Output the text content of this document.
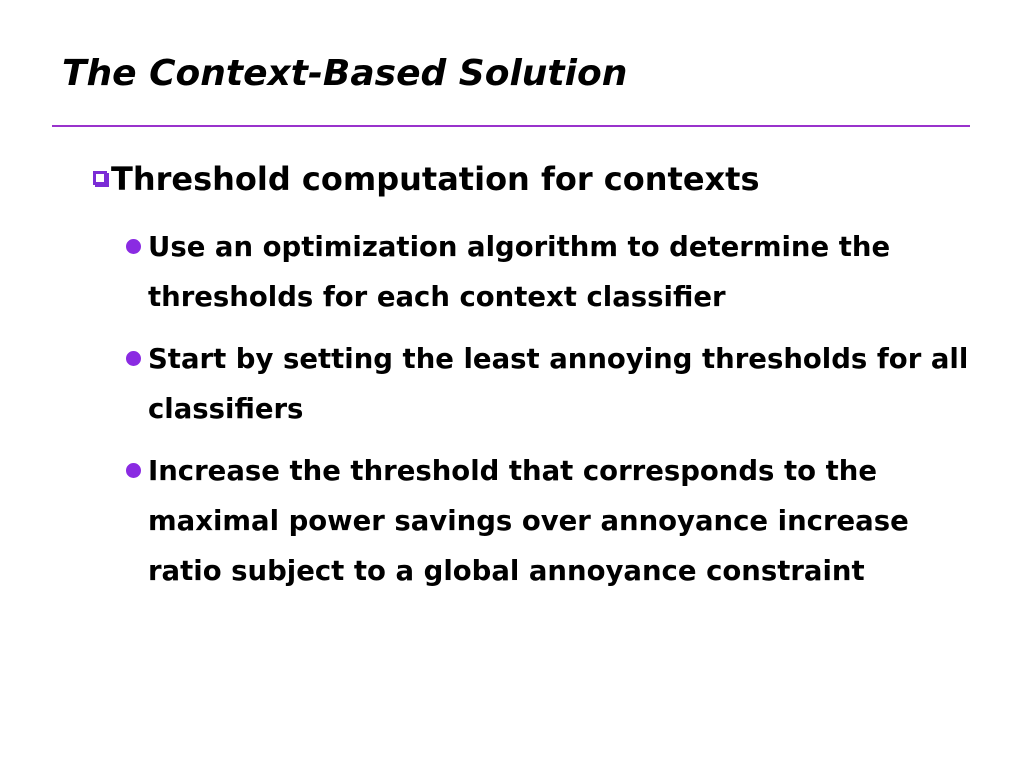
The Context-Based Solution
Threshold computation for contexts
Use an optimization algorithm to determine the thresholds for each context classifier
Start by setting the least annoying thresholds for all classifiers
Increase the threshold that corresponds to the maximal power savings over annoyance increase ratio subject to a global annoyance constraint
